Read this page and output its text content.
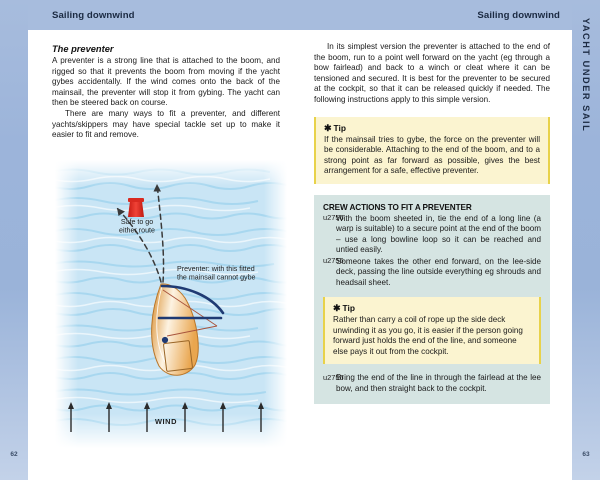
62
YACHT UNDER SAIL
63
Sailing downwind
The preventer

A preventer is a strong line that is attached to the boom, and rigged so that it prevents the boom from moving if the yacht gybes accidentally. If the wind comes onto the back of the mainsail, the preventer will stop it from gybing. The yacht can then be steered back on course.

There are many ways to fit a preventer, and different yachts/skippers may have special tackle set up to make it easier to fit and remove.

Safe to go
either route
Preventer: with this fitted
the mainsail cannot gybe
WIND
Sailing downwind

In its simplest version the preventer is attached to the end of the boom, run to a point well forward on the yacht (eg through a bow fairlead) and back to a winch or cleat where it can be tensioned and secured. It is best for the preventer to be secured at the cockpit, so that it can be released quickly if needed. The following instructions apply to this simple version.

✱ Tip

If the mainsail tries to gybe, the force on the preventer will be considerable. Attaching to the end of the boom, and to a strong point as far forward as possible, gives the best arrangement for a safe, effective preventer.

CREW ACTIONS TO FIT A PREVENTER
u2756 With the boom sheeted in, tie the end of a long line (a warp is suitable) to a secure point at the end of the boom – use a long bowline loop so it can be reached and untied easily.
u2756 Someone takes the other end forward, on the lee-side deck, passing the line outside everything eg shrouds and headsail sheet.
✱ Tip

Rather than carry a coil of rope up the side deck unwinding it as you go, it is easier if the person going forward just holds the end of the line, and someone else pays it out from the cockpit.

u2756 Bring the end of the line in through the fairlead at the lee bow, and then straight back to the cockpit.
